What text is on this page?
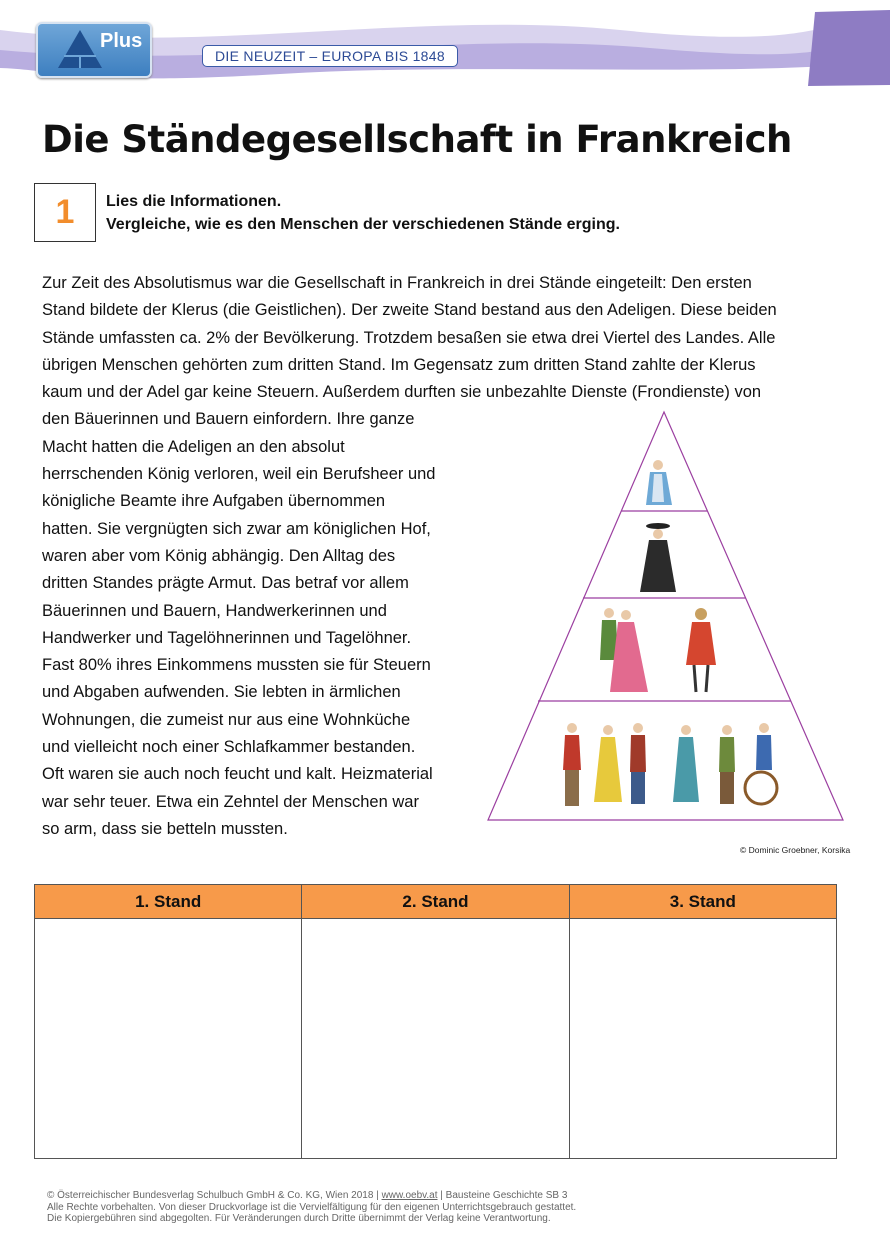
Plus
DIE NEUZEIT – EUROPA BIS 1848
Die Ständegesellschaft in Frankreich
1	Lies die Informationen.
Vergleiche, wie es den Menschen der verschiedenen Stände erging.

Zur Zeit des Absolutismus war die Gesellschaft in Frankreich in drei Stände eingeteilt: Den ersten
Stand bildete der Klerus (die Geistlichen). Der zweite Stand bestand aus den Adeligen. Diese beiden
Stände umfassten ca. 2% der Bevölkerung. Trotzdem besaßen sie etwa drei Viertel des Landes. Alle
übrigen Menschen gehörten zum dritten Stand. Im Gegensatz zum dritten Stand zahlte der Klerus
kaum und der Adel gar keine Steuern. Außerdem durften sie unbezahlte Dienste (Frondienste) von
den Bäuerinnen und Bauern einfordern. Ihre ganze
Macht hatten die Adeligen an den absolut
herrschenden König verloren, weil ein Berufsheer und
königliche Beamte ihre Aufgaben übernommen
hatten. Sie vergnügten sich zwar am königlichen Hof,
waren aber vom König abhängig. Den Alltag des
dritten Standes prägte Armut. Das betraf vor allem
Bäuerinnen und Bauern, Handwerkerinnen und
Handwerker und Tagelöhnerinnen und Tagelöhner.
Fast 80% ihres Einkommens mussten sie für Steuern
und Abgaben aufwenden. Sie lebten in ärmlichen
Wohnungen, die zumeist nur aus eine Wohnküche
und vielleicht noch einer Schlafkammer bestanden.
Oft waren sie auch noch feucht und kalt. Heizmaterial
war sehr teuer. Etwa ein Zehntel der Menschen war
so arm, dass sie betteln mussten.

© Dominic Groebner, Korsika
1. Stand	2. Stand	3. Stand

© Österreichischer Bundesverlag Schulbuch GmbH & Co. KG, Wien 2018 | www.oebv.at | Bausteine Geschichte SB 3
Alle Rechte vorbehalten. Von dieser Druckvorlage ist die Vervielfältigung für den eigenen Unterrichtsgebrauch gestattet.
Die Kopiergebühren sind abgegolten. Für Veränderungen durch Dritte übernimmt der Verlag keine Verantwortung.
